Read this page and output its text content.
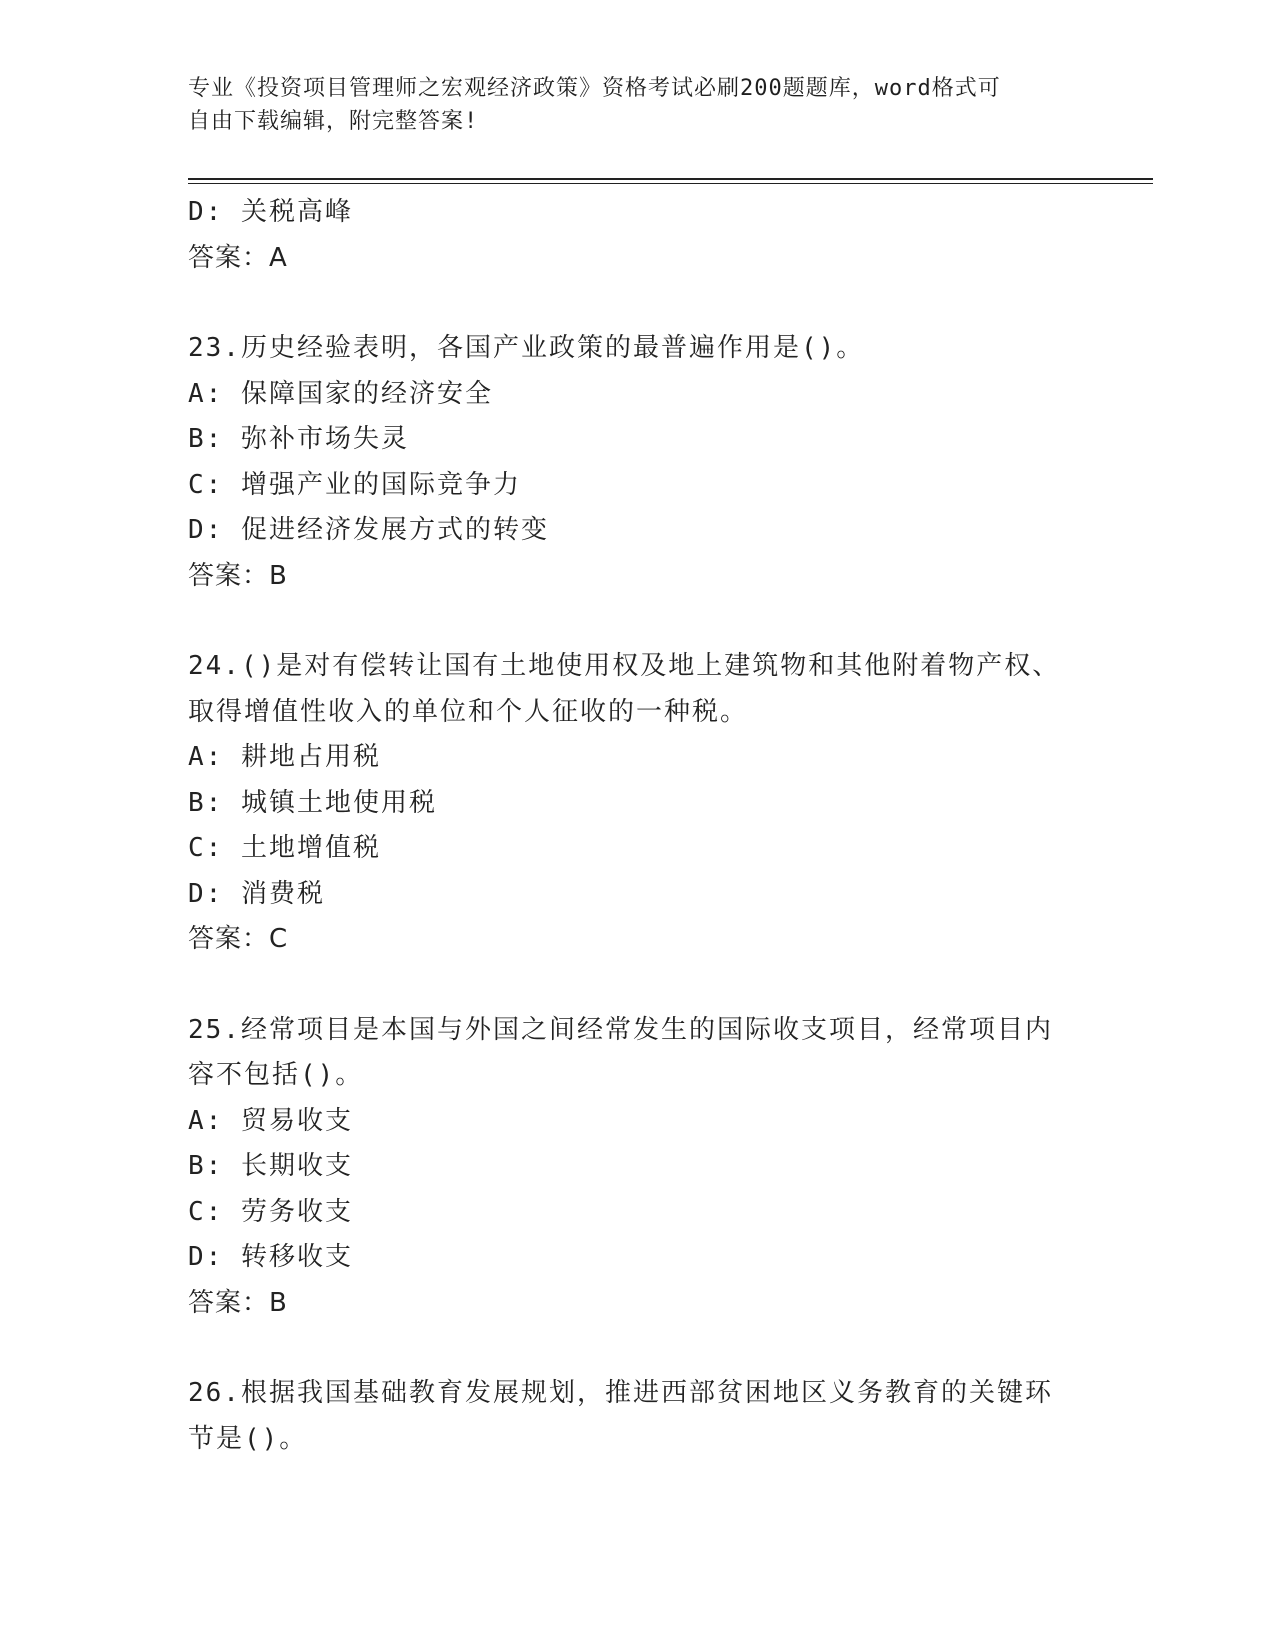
专业《投资项目管理师之宏观经济政策》资格考试必刷200题题库，word格式可
自由下载编辑，附完整答案!
D: 关税高峰
答案：A
23.历史经验表明，各国产业政策的最普遍作用是()。
A: 保障国家的经济安全
B: 弥补市场失灵
C: 增强产业的国际竞争力
D: 促进经济发展方式的转变
答案：B
24.()是对有偿转让国有土地使用权及地上建筑物和其他附着物产权、
取得增值性收入的单位和个人征收的一种税。
A: 耕地占用税
B: 城镇土地使用税
C: 土地增值税
D: 消费税
答案：C
25.经常项目是本国与外国之间经常发生的国际收支项目，经常项目内
容不包括()。
A: 贸易收支
B: 长期收支
C: 劳务收支
D: 转移收支
答案：B
26.根据我国基础教育发展规划，推进西部贫困地区义务教育的关键环
节是()。
